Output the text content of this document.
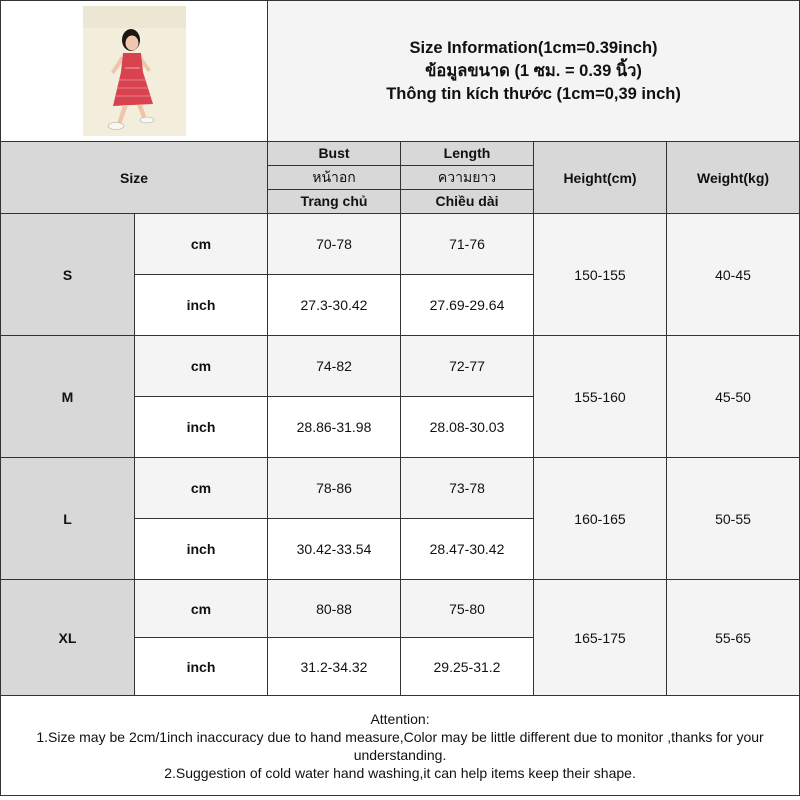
Size Information(1cm=0.39inch)
ข้อมูลขนาด (1 ซม. = 0.39 นิ้ว)
Thông tin kích thước (1cm=0,39 inch)			

Size		Bust	Length	Height(cm)	Weight(kg)
		หน้าอก	ความยาว		
		Trang chủ	Chiều dài		
S	cm	70-78	71-76	150-155	40-45
	inch	27.3-30.42	27.69-29.64		
M	cm	74-82	72-77	155-160	45-50
	inch	28.86-31.98	28.08-30.03		
L	cm	78-86	73-78	160-165	50-55
	inch	30.42-33.54	28.47-30.42		
XL	cm	80-88	75-80	165-175	55-65
	inch	31.2-34.32	29.25-31.2		

Attention:
1.Size may be 2cm/1inch inaccuracy due to hand measure,Color may be little different due to monitor ,thanks for your understanding.
2.Suggestion of cold water hand washing,it can help items keep their shape.					
